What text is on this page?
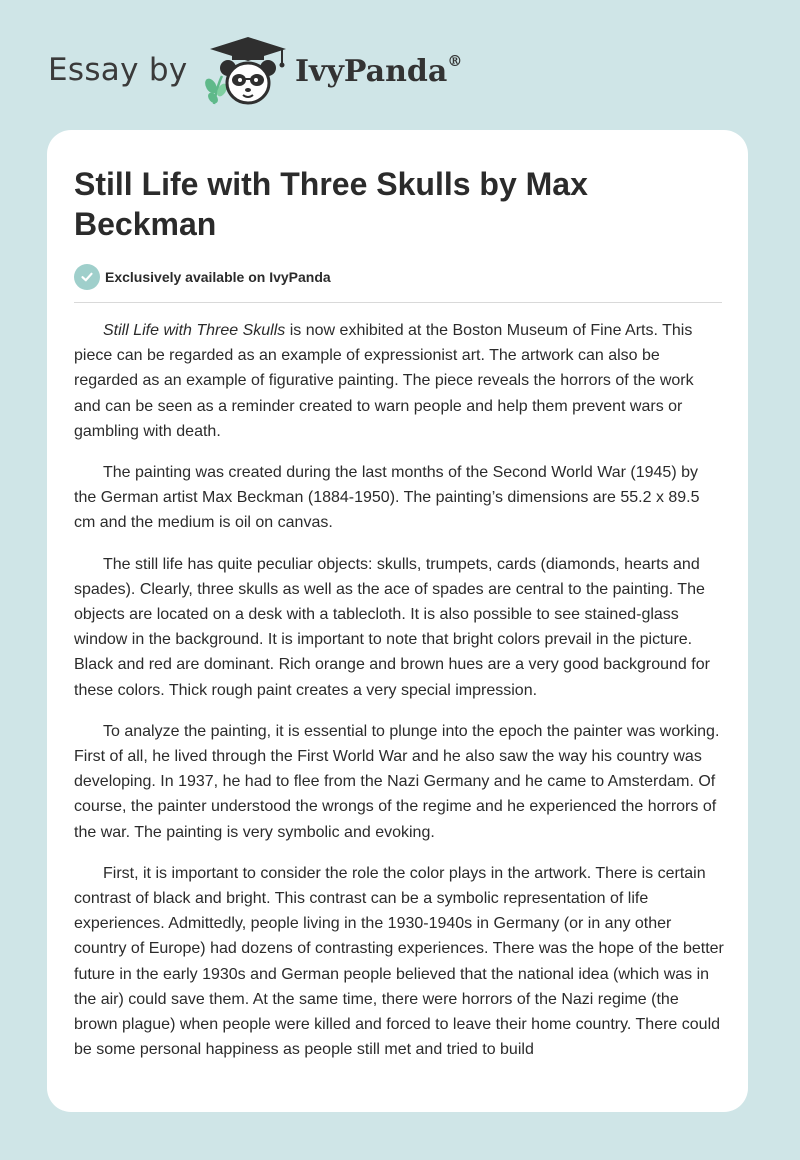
Essay by	IvyPanda®
Still Life with Three Skulls by Max Beckman
Exclusively available on IvyPanda

Still Life with Three Skulls is now exhibited at the Boston Museum of Fine Arts. This piece can be regarded as an example of expressionist art. The artwork can also be regarded as an example of figurative painting. The piece reveals the horrors of the work and can be seen as a reminder created to warn people and help them prevent wars or gambling with death.

The painting was created during the last months of the Second World War (1945) by the German artist Max Beckman (1884-1950). The painting’s dimensions are 55.2 x 89.5 cm and the medium is oil on canvas.

The still life has quite peculiar objects: skulls, trumpets, cards (diamonds, hearts and spades). Clearly, three skulls as well as the ace of spades are central to the painting. The objects are located on a desk with a tablecloth. It is also possible to see stained-glass window in the background. It is important to note that bright colors prevail in the picture. Black and red are dominant. Rich orange and brown hues are a very good background for these colors. Thick rough paint creates a very special impression.

To analyze the painting, it is essential to plunge into the epoch the painter was working. First of all, he lived through the First World War and he also saw the way his country was developing. In 1937, he had to flee from the Nazi Germany and he came to Amsterdam. Of course, the painter understood the wrongs of the regime and he experienced the horrors of the war. The painting is very symbolic and evoking.

First, it is important to consider the role the color plays in the artwork. There is certain contrast of black and bright. This contrast can be a symbolic representation of life experiences. Admittedly, people living in the 1930-1940s in Germany (or in any other country of Europe) had dozens of contrasting experiences. There was the hope of the better future in the early 1930s and German people believed that the national idea (which was in the air) could save them. At the same time, there were horrors of the Nazi regime (the brown plague) when people were killed and forced to leave their home country. There could be some personal happiness as people still met and tried to build
